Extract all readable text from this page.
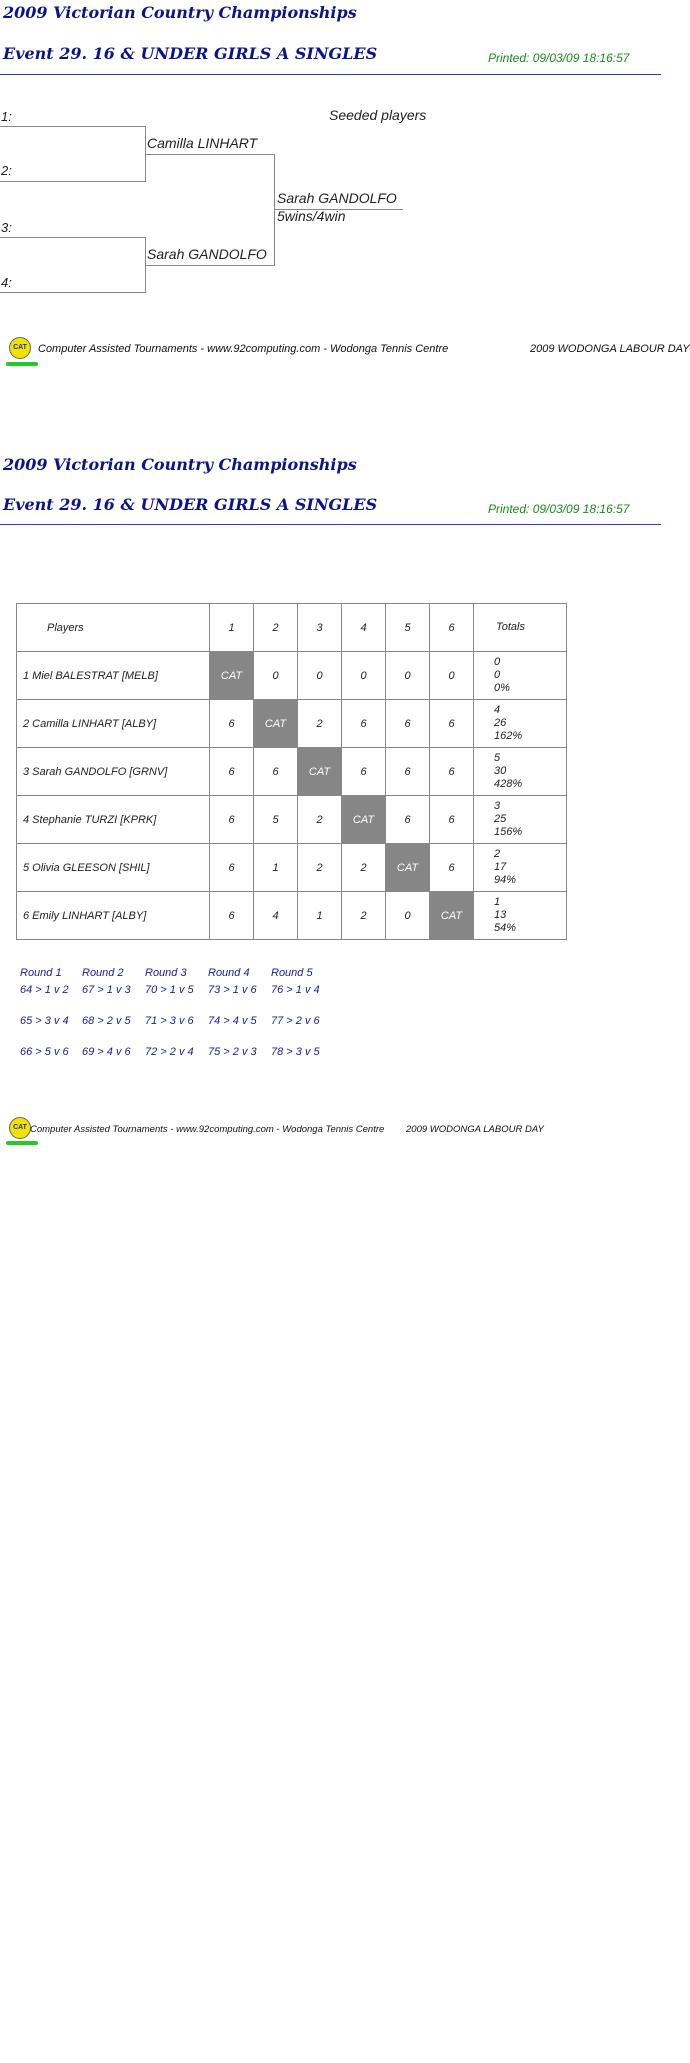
2009 Victorian Country Championships
Event 29. 16 & UNDER GIRLS A SINGLES	Printed: 09/03/09 18:16:57
Seeded players
1:
2:
3:
4:
Camilla LINHART
Sarah GANDOLFO
Sarah GANDOLFO
5wins/4win
CAT	Computer Assisted Tournaments - www.92computing.com - Wodonga Tennis Centre	2009 WODONGA LABOUR DAY
2009 Victorian Country Championships
Event 29. 16 & UNDER GIRLS A SINGLES	Printed: 09/03/09 18:16:57
Players	1	2	3	4	5	6	Totals
1 Miel BALESTRAT [MELB]	CAT	0	0	0	0	0	0
0
0%
2 Camilla LINHART [ALBY]	6	CAT	2	6	6	6	4
26
162%
3 Sarah GANDOLFO [GRNV]	6	6	CAT	6	6	6	5
30
428%
4 Stephanie TURZI [KPRK]	6	5	2	CAT	6	6	3
25
156%
5 Olivia GLEESON [SHIL]	6	1	2	2	CAT	6	2
17
94%
6 Emily LINHART [ALBY]	6	4	1	2	0	CAT	1
13
54%
Round 1 Round 2 Round 3 Round 4 Round 5
64 > 1 v 2 67 > 1 v 3 70 > 1 v 5 73 > 1 v 6 76 > 1 v 4
65 > 3 v 4 68 > 2 v 5 71 > 3 v 6 74 > 4 v 5 77 > 2 v 6
66 > 5 v 6 69 > 4 v 6 72 > 2 v 4 75 > 2 v 3 78 > 3 v 5
CAT Computer Assisted Tournaments - www.92computing.com - Wodonga Tennis Centre 2009 WODONGA LABOUR DAY
